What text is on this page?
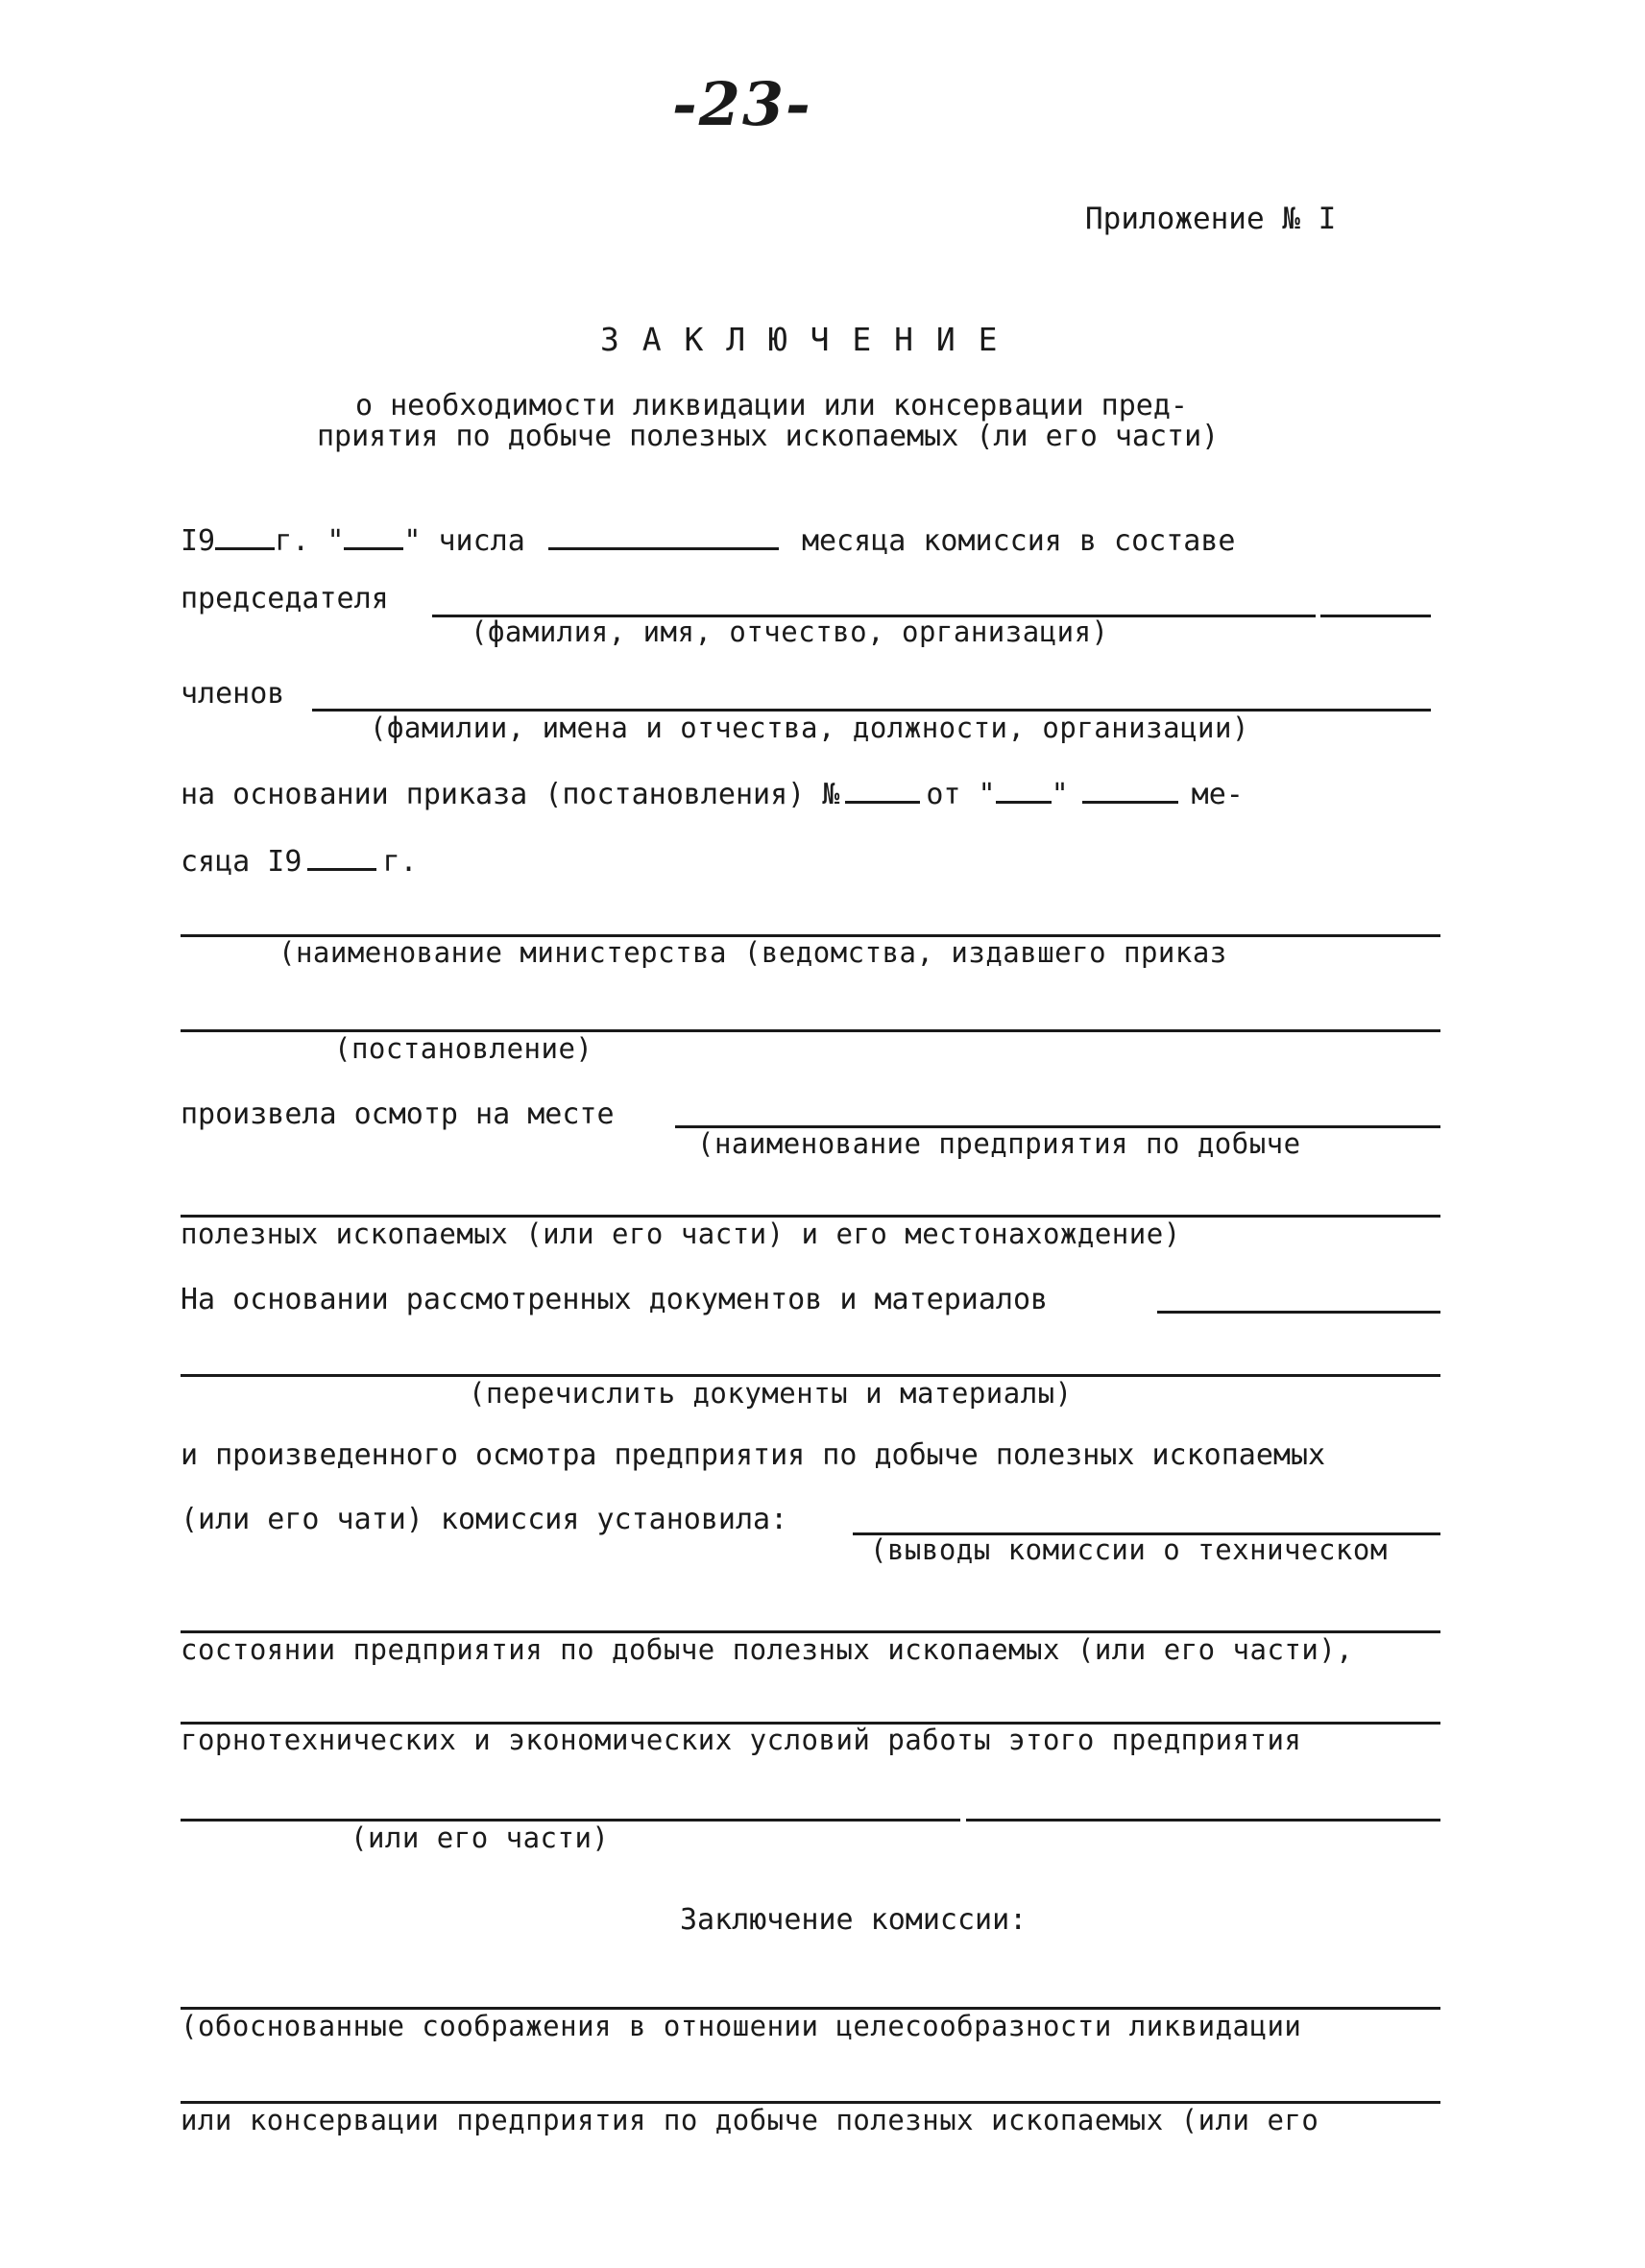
-23-
Приложение № I
З А К Л Ю Ч Е Н И Е
о необходимости ликвидации или консервации пред-
приятия по добыче полезных ископаемых (ли его части)
I9 г. " " числа	месяца комиссия в составе
председателя
(фамилия, имя, отчество, организация)
членов
(фамилии, имена и отчества, должности, организации)
на основании приказа (постановления) №	от " "	ме-
сяца I9	г.
(наименование министерства (ведомства, издавшего приказ
(постановление)
произвела осмотр на месте
(наименование предприятия по добыче
полезных ископаемых (или его части) и его местонахождение)
На основании рассмотренных документов и материалов
(перечислить документы и материалы)
и произведенного осмотра предприятия по добыче полезных ископаемых
(или его чати) комиссия установила:
(выводы комиссии о техническом
состоянии предприятия по добыче полезных ископаемых (или его части),
горнотехнических и экономических условий работы этого предприятия
(или его части)
Заключение комиссии:
(обоснованные соображения в отношении целесообразности ликвидации
или консервации предприятия по добыче полезных ископаемых (или его
